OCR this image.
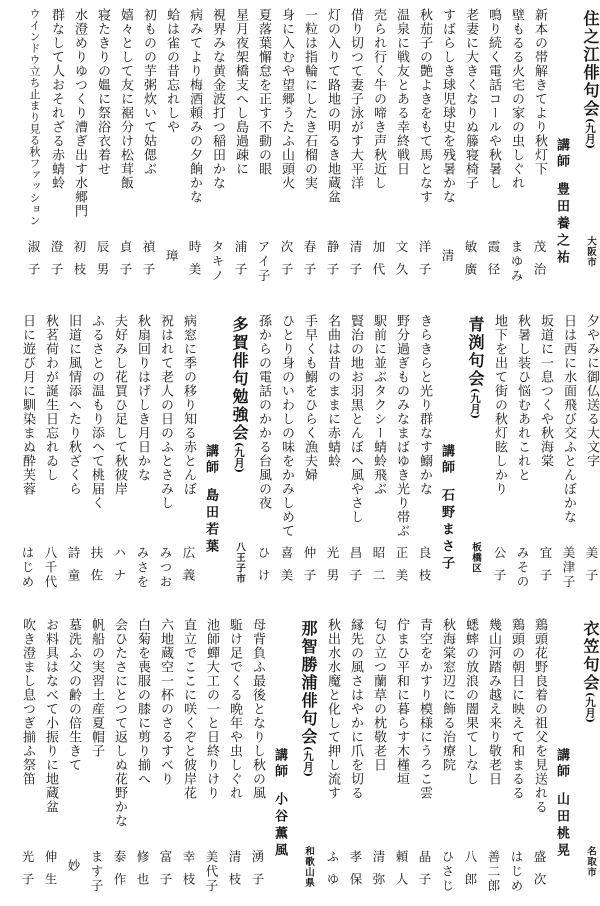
住之江俳句会(九月)
講師豊田養之祐 大阪市
新本の帯解きてより秋灯下
茂治
壁もるる火宅の家の虫しぐれ
まゆみ
鳴り続く電話コールや秋暑し
霞径
老妻に大きくなりぬ籐寝椅子
敏廣
すばらしき球児球史を残暑かな
清
秋茄子の艶よきをもて馬となす
洋子
温泉に戦友とある幸終戦日
文久
売られ行く牛の啼き声秋近し
加代
借り切つて妻子泳がす大平洋
清子
灯の入りて路地の明るき地蔵盆
静子
一粒は指輪にしたき石榴の実
春子
身に入むや望郷うたふ山頭火
次子
夏落葉懈怠を正す不動の眼
アイ子
星月夜架橋支へし島過疎に
浦子
視界みな黄金波打つ稲田かな
タキノ
病みてより梅酒頼みの夕餉かな
時美
蛤は雀の昔忘れしや
璋
初ものの芋粥炊いて姑偲ぶ
禎子
嬉々として友に裾分け松茸飯
貞子
寝たきりの媼に祭浴衣着せ
辰男
水澄めりゆつくり漕ぎ出す水郷門
初枝
群なして人おそれざる赤蜻蛉
澄子
ウインドウ立ち止まり見る秋ファッション
淑子
夕やみに御仏送る大文字
美子
日は西に水面飛び交ふとんぼかな
美津子
坂道に一息つくや秋海棠
宜子
秋暑し装ひ悩むあれこれと
みその
地下を出て街の秋灯眩しかり
公子
青渕句会(九月)
講師石野まさ子 板橋区
きらきらと光り群なす鰯かな
良枝
野分過ぎものみなまばゆき光り帯ぶ
正美
駅前に並ぶタクシー蜻蛉飛ぶ
昭二
賢治の地お羽黒とんぼへ風やさし
昌子
名曲は昔のままに赤蜻蛉
光男
手早くも鰯をひらく漁夫婦
仲子
ひとり身のいわしの味をかみしめて
喜美
孫からの電話のかかる台風の夜
ひけ
多賀俳句勉強会(九月)
講師島田若葉
八王子市
病窓に季の移り知る赤とんぼ
広義
祝はれて老人の日のふとさみし
みつお
秋扇回りはげしき月日かな
みさを
夫好みし花買ひ足して秋彼岸
ハナ
ふるさとの温もり添へて桃届く
扶佐
旧道に風情添へたり秋ざくら
詩童
秋茗荷わが誕生日忘れゐし
八千代
日に遊び月に馴染まぬ酔芙蓉
はじめ
衣笠句会(九月)
講師山田桃晃
名取市
鶏頭花野良着の祖父を見送れる
盛次
鶏頭の朝日に映えて和まるる
はじめ
幾山河踏み越え来り敬老日
善二郎
蟋蟀の放浪の闇果てしなし
八郎
秋海棠窓辺に飾る治療院
ひさじ
青空をかすり模様にうろこ雲
晶子
佇まひ平和に暮らす木槿垣
頼人
匂ひ立つ蘭草の枕敬老日
清弥
縁先の風さはやかに爪を切る
孝保
秋出水水魔と化して押し流す
ふゆ
那智勝浦俳句会(九月)
講師小谷薫風
和歌山県
母背負ふ最後となりし秋の風
湧子
駈け足でくる晩年や虫しぐれ
清枝
池師蟬大工の一と日終りけり
美代子
直立でここに咲くぞと彼岸花
幸枝
六地蔵空一杯のさるすべり
富子
白菊を喪服の膝に剪り揃へ
修也
会ひたさにとつて返しぬ花野かな
泰作
帆船の実習土産夏帽子
ます子
墓洗ふ父の齢の倍生きて
妙
お料具はなべて小振りに地蔵盆
伸生
吹き澄まし息つぎ揃ふ祭笛
光子
